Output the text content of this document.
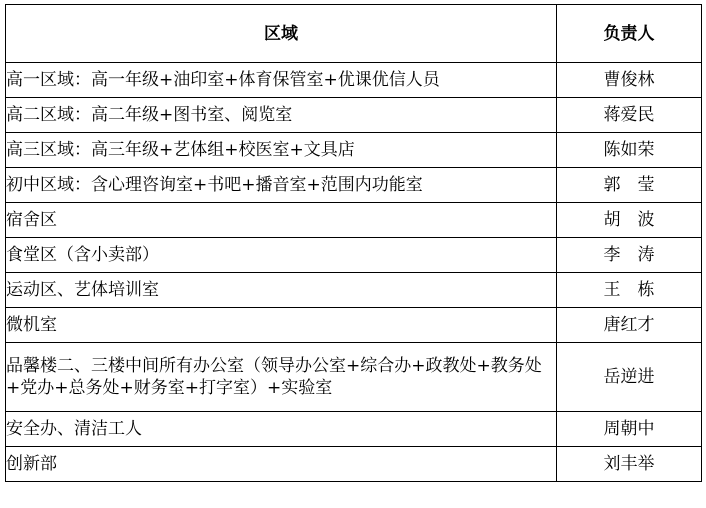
区域	负责人
高一区域：高一年级+油印室+体育保管室+优课优信人员	曹俊林
高二区域：高二年级+图书室、阅览室	蒋爱民
高三区域：高三年级+艺体组+校医室+文具店	陈如荣
初中区域：含心理咨询室+书吧+播音室+范围内功能室	郭莹
宿舍区	胡波
食堂区（含小卖部）	李涛
运动区、艺体培训室	王栋
微机室	唐红才
品馨楼二、三楼中间所有办公室（领导办公室+综合办+政教处+教务处+党办+总务处+财务室+打字室）+实验室	岳逆进
安全办、清洁工人	周朝中
创新部	刘丰举
